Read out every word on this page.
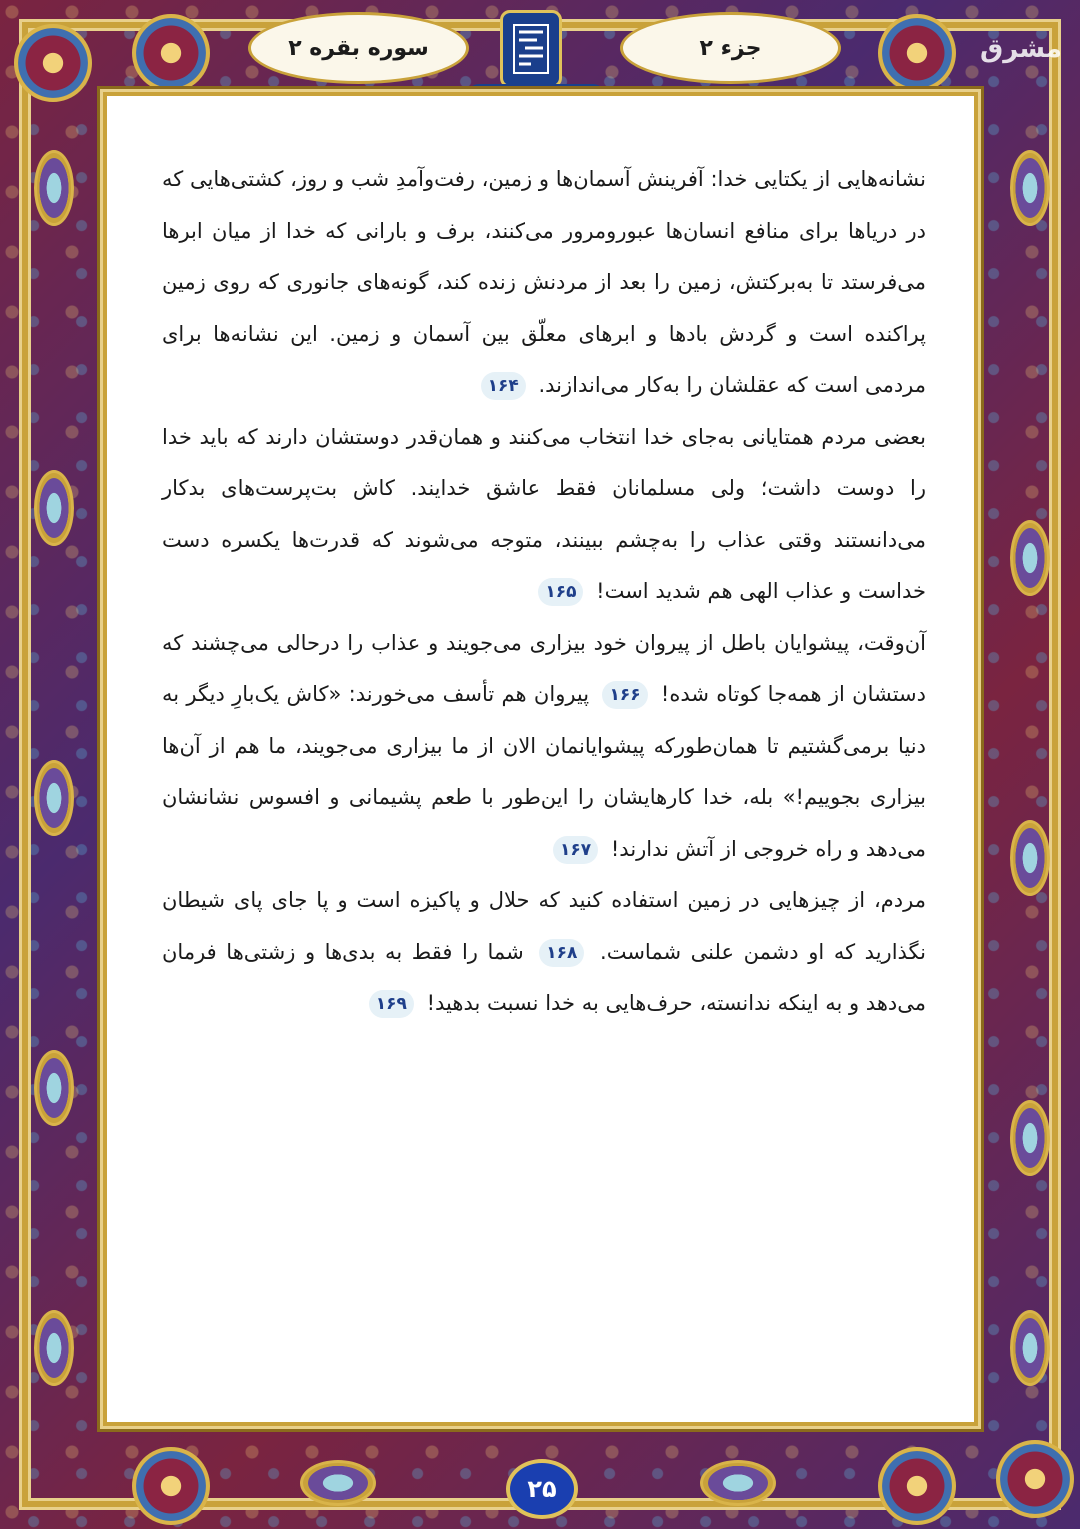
جزء ۲
سوره بقره ۲	مشرق

نشانه‌هایی از یکتایی خدا: آفرینش آسمان‌ها و زمین، رفت‌وآمدِ شب و روز، کشتی‌هایی که در دریاها برای منافع انسان‌ها عبورومرور می‌کنند، برف و بارانی که خدا از میان ابرها می‌فرستد تا به‌برکتش، زمین را بعد از مردنش زنده کند، گونه‌های جانوری که روی زمین پراکنده است و گردش بادها و ابرهای معلّق بین آسمان و زمین. این نشانه‌ها برای مردمی است که عقلشان را به‌کار می‌اندازند. ۱۶۴

بعضی مردم همتایانی به‌جای خدا انتخاب می‌کنند و همان‌قدر دوستشان دارند که باید خدا را دوست داشت؛ ولی مسلمانان فقط عاشق خدایند. کاش بت‌پرست‌های بدکار می‌دانستند وقتی عذاب را به‌چشم ببینند، متوجه می‌شوند که قدرت‌ها یکسره دست خداست و عذاب الهی هم شدید است! ۱۶۵

آن‌وقت، پیشوایان باطل از پیروان خود بیزاری می‌جویند و عذاب را درحالی می‌چشند که دستشان از همه‌جا کوتاه شده! ۱۶۶ پیروان هم تأسف می‌خورند: «کاش یک‌بارِ دیگر به دنیا برمی‌گشتیم تا همان‌طورکه پیشوایانمان الان از ما بیزاری می‌جویند، ما هم از آن‌ها بیزاری بجوییم!» بله، خدا کارهایشان را این‌طور با طعم پشیمانی و افسوس نشانشان می‌دهد و راه خروجی از آتش ندارند! ۱۶۷

مردم، از چیزهایی در زمین استفاده کنید که حلال و پاکیزه است و پا جای پای شیطان نگذارید که او دشمن علنی شماست. ۱۶۸ شما را فقط به بدی‌ها و زشتی‌ها فرمان می‌دهد و به اینکه ندانسته، حرف‌هایی به خدا نسبت بدهید! ۱۶۹

۲۵
